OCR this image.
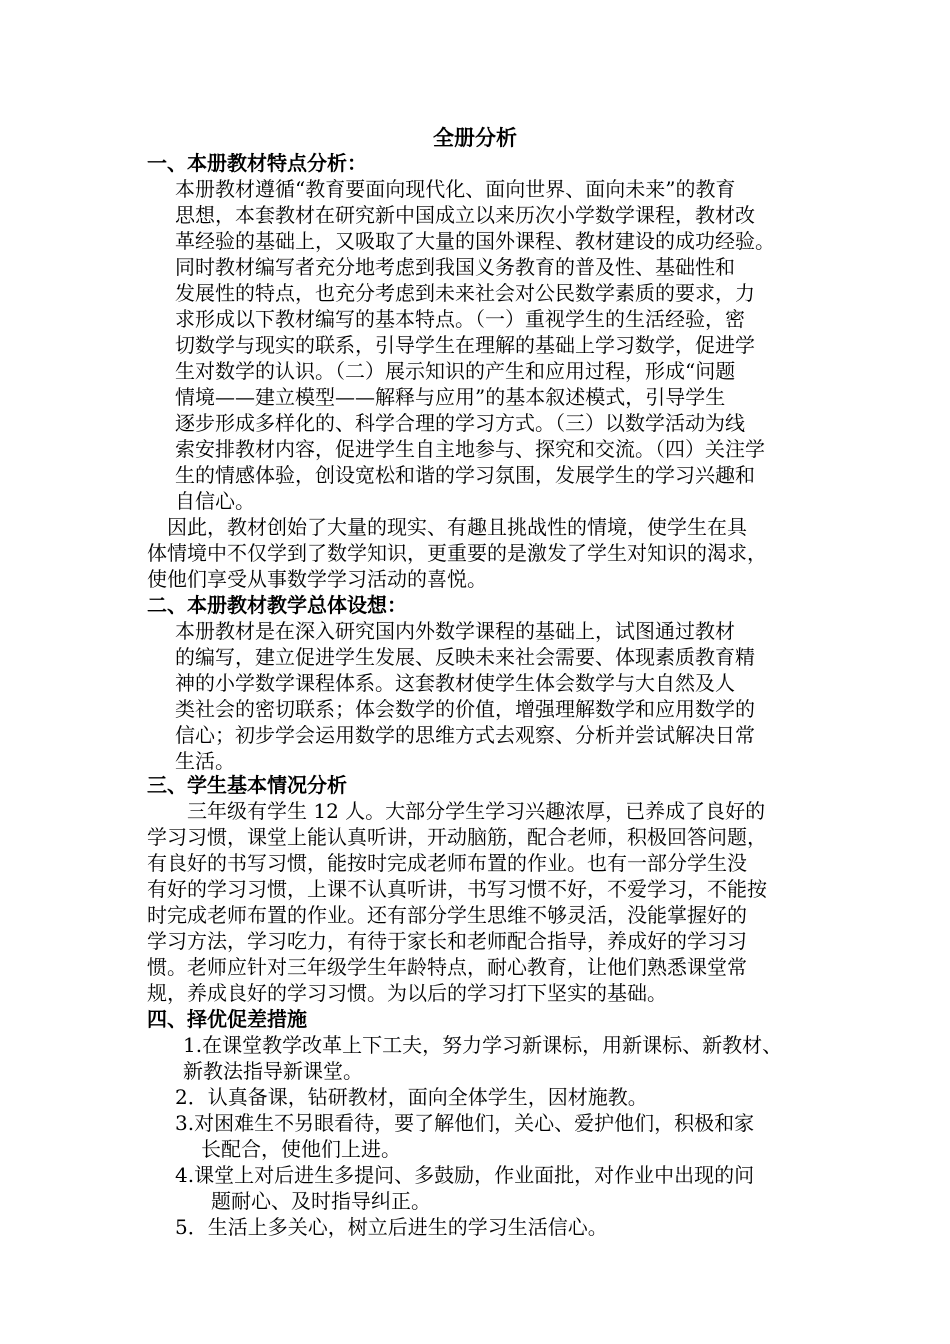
全册分析
一、本册教材特点分析：
本册教材遵循“教育要面向现代化、面向世界、面向未来”的教育
思想，本套教材在研究新中国成立以来历次小学数学课程，教材改
革经验的基础上，又吸取了大量的国外课程、教材建设的成功经验。
同时教材编写者充分地考虑到我国义务教育的普及性、基础性和
发展性的特点，也充分考虑到未来社会对公民数学素质的要求，力
求形成以下教材编写的基本特点。（一）重视学生的生活经验，密
切数学与现实的联系，引导学生在理解的基础上学习数学，促进学
生对数学的认识。（二）展示知识的产生和应用过程，形成“问题
情境——建立模型——解释与应用”的基本叙述模式，引导学生
逐步形成多样化的、科学合理的学习方式。（三）以数学活动为线
索安排教材内容，促进学生自主地参与、探究和交流。（四）关注学
生的情感体验，创设宽松和谐的学习氛围，发展学生的学习兴趣和
自信心。
因此，教材创始了大量的现实、有趣且挑战性的情境，使学生在具
体情境中不仅学到了数学知识，更重要的是激发了学生对知识的渴求，
使他们享受从事数学学习活动的喜悦。
二、本册教材教学总体设想：
本册教材是在深入研究国内外数学课程的基础上，试图通过教材
的编写，建立促进学生发展、反映未来社会需要、体现素质教育精
神的小学数学课程体系。这套教材使学生体会数学与大自然及人
类社会的密切联系；体会数学的价值，增强理解数学和应用数学的
信心；初步学会运用数学的思维方式去观察、分析并尝试解决日常
生活。
三、学生基本情况分析
三年级有学生 12 人。大部分学生学习兴趣浓厚，已养成了良好的
学习习惯，课堂上能认真听讲，开动脑筋，配合老师，积极回答问题，
有良好的书写习惯，能按时完成老师布置的作业。也有一部分学生没
有好的学习习惯，上课不认真听讲，书写习惯不好，不爱学习，不能按
时完成老师布置的作业。还有部分学生思维不够灵活，没能掌握好的
学习方法，学习吃力，有待于家长和老师配合指导，养成好的学习习
惯。老师应针对三年级学生年龄特点，耐心教育，让他们熟悉课堂常
规，养成良好的学习习惯。为以后的学习打下坚实的基础。
四、择优促差措施
1.在课堂教学改革上下工夫，努力学习新课标，用新课标、新教材、
新教法指导新课堂。
2．认真备课，钻研教材，面向全体学生，因材施教。
3.对困难生不另眼看待，要了解他们，关心、爱护他们，积极和家
长配合，使他们上进。
4.课堂上对后进生多提问、多鼓励，作业面批，对作业中出现的问
题耐心、及时指导纠正。
5．生活上多关心，树立后进生的学习生活信心。
